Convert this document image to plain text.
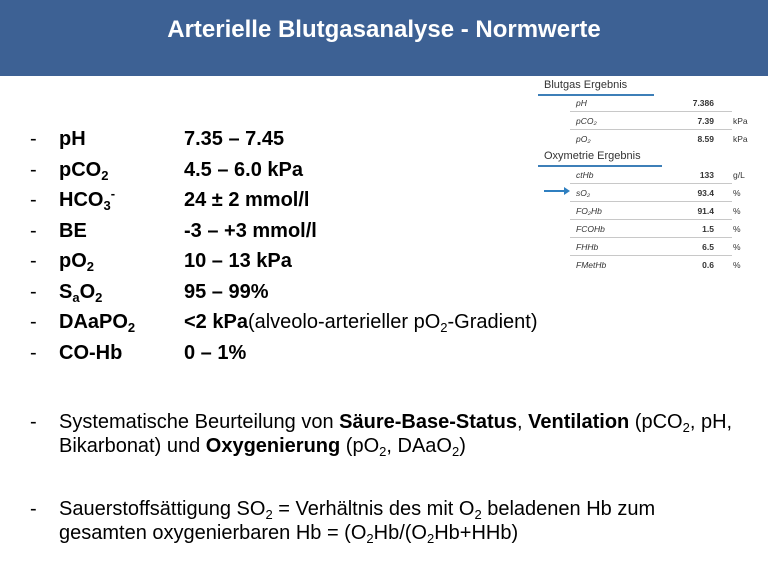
Arterielle Blutgasanalyse - Normwerte
-	pH	7.35 – 7.45
-	pCO$_2$	4.5 – 6.0 kPa
-	$HCO_3^-$	24 ± 2 mmol/l
-	BE	-3 – +3 mmol/l
-	$pO_2$	10 – 13 kPa
-	$S_aO_2$	95 – 99%
-	DAaPO$_2$	<2 kPa (alveolo-arterieller $pO_2-Gradient$)
-	CO-Hb	0 – 1%
-	Systematische Beurteilung von Säure-Base-Status, Ventilation (pCO$_2$, pH, Bikarbonat) und Oxygenierung ($pO_2$, DAaO$_2$)
-	Sauerstoffsättigung $SO_2$ = Verhältnis des mit $O_2$ beladenen Hb zum gesamten oxygenierbaren $Hb = (O_2Hb/(O_2Hb+HHb)$
Blutgas Ergebnis
pH	7.386
pCO₂	7.39 kPa
pO₂	8.59 kPa
Oxymetrie Ergebnis
ctHb	133 g/L
sO₂	93.4 %
FO₂Hb	91.4 %
FCOHb	1.5 %
FHHb	6.5 %
FMetHb	0.6 %
